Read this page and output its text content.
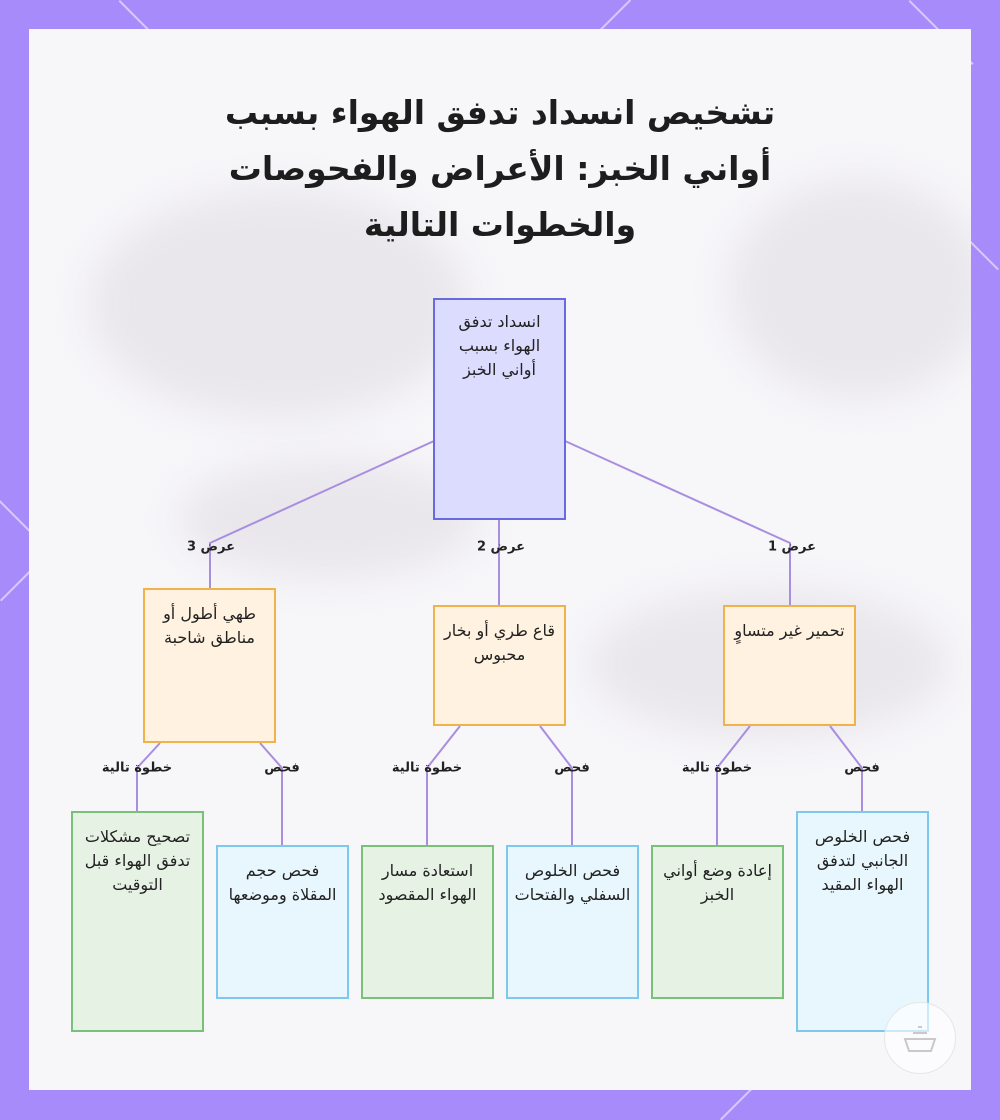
تشخيص انسداد تدفق الهواء بسبب أواني الخبز: الأعراض والفحوصات والخطوات التالية
انسداد تدفق الهواء بسبب أواني الخبز
عرض 1
عرض 2
عرض 3
تحمير غير متساوٍ
قاع طري أو بخار محبوس
طهي أطول أو مناطق شاحبة
فحص
خطوة تالية
فحص
خطوة تالية
فحص
خطوة تالية
فحص الخلوص الجانبي لتدفق الهواء المقيد
فحص الخلوص السفلي والفتحات
فحص حجم المقلاة وموضعها
إعادة وضع أواني الخبز
استعادة مسار الهواء المقصود
تصحيح مشكلات تدفق الهواء قبل التوقيت
